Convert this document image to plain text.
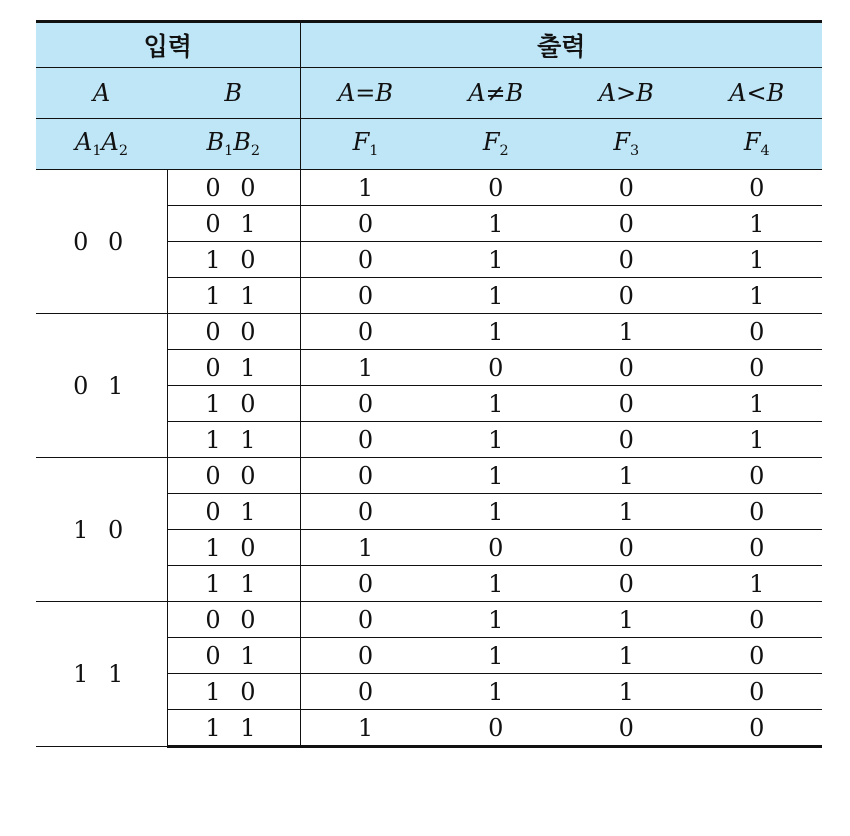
입력		출력			
A	B	A=B	A≠B	A>B	A<B
$A_1A_2$	$B_1B_2$	$F_1$	$F_2$	$F_3$	$F_4$
0 0	0 0	1	0	0	0
	0 1	0	1	0	1
	1 0	0	1	0	1
	1 1	0	1	0	1
0 1	0 0	0	1	1	0
	0 1	1	0	0	0
	1 0	0	1	0	1
	1 1	0	1	0	1
1 0	0 0	0	1	1	0
	0 1	0	1	1	0
	1 0	1	0	0	0
	1 1	0	1	0	1
1 1	0 0	0	1	1	0
	0 1	0	1	1	0
	1 0	0	1	1	0
	1 1	1	0	0	0
